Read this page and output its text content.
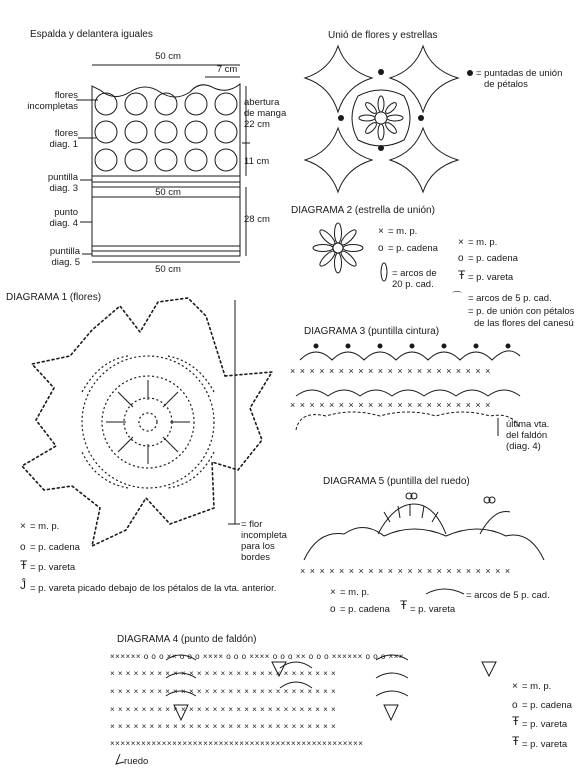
Espalda y delantera iguales
50 cm
7 cm
flores
incompletas
flores
diag. 1
puntilla
diag. 3
punto
diag. 4
puntilla
diag. 5
abertura
de manga
22 cm
11 cm
50 cm
28 cm
50 cm
Unió de flores y estrellas
= puntadas de unión
de pétalos
DIAGRAMA 2 (estrella de unión)
× = m. p.
o = p. cadena
= arcos de
20 p. cad.
× = m. p.
o = p. cadena
Ŧ = p. vareta
⌒ = arcos de 5 p. cad.
= p. de unión con pétalos
de las flores del canesú
DIAGRAMA 1 (flores)
= flor
incompleta
para los
bordes
× = m. p.
o = p. cadena
Ŧ = p. vareta
Ĵ = p. vareta picado debajo de los pétalos de la vta. anterior.
DIAGRAMA 3 (puntilla cintura)
× × × × × × × × × × × × × × × × × × × × ×
× × × × × × × × × × × × × × × × × × × × ×
última vta.
del faldón
(diag. 4)
DIAGRAMA 5 (puntilla del ruedo)
× × × × × × × × × × × × × × × × × × × × × ×
× = m. p.
o = p. cadena Ŧ = p. vareta
= arcos de 5 p. cad.
DIAGRAMA 4 (punto de faldón)
×××××× o o o ×× o o o ×××× o o o ×××× o o o ×× o o o ×××××× o o o ×××
× × × × × × × × × × × × × × × × × × × × × × × × × × × × ×
× × × × × × × × × × × × × × × × × × × × × × × × × × × × ×
× × × × × × × × × × × × × × × × × × × × × × × × × × × × ×
× × × × × × × × × × × × × × × × × × × × × × × × × × × × ×
×××××××××××××××××××××××××××××××××××××××××××××××××
ruedo
× = m. p.
o = p. cadena
Ŧ = p. vareta
Ŧ = p. vareta
